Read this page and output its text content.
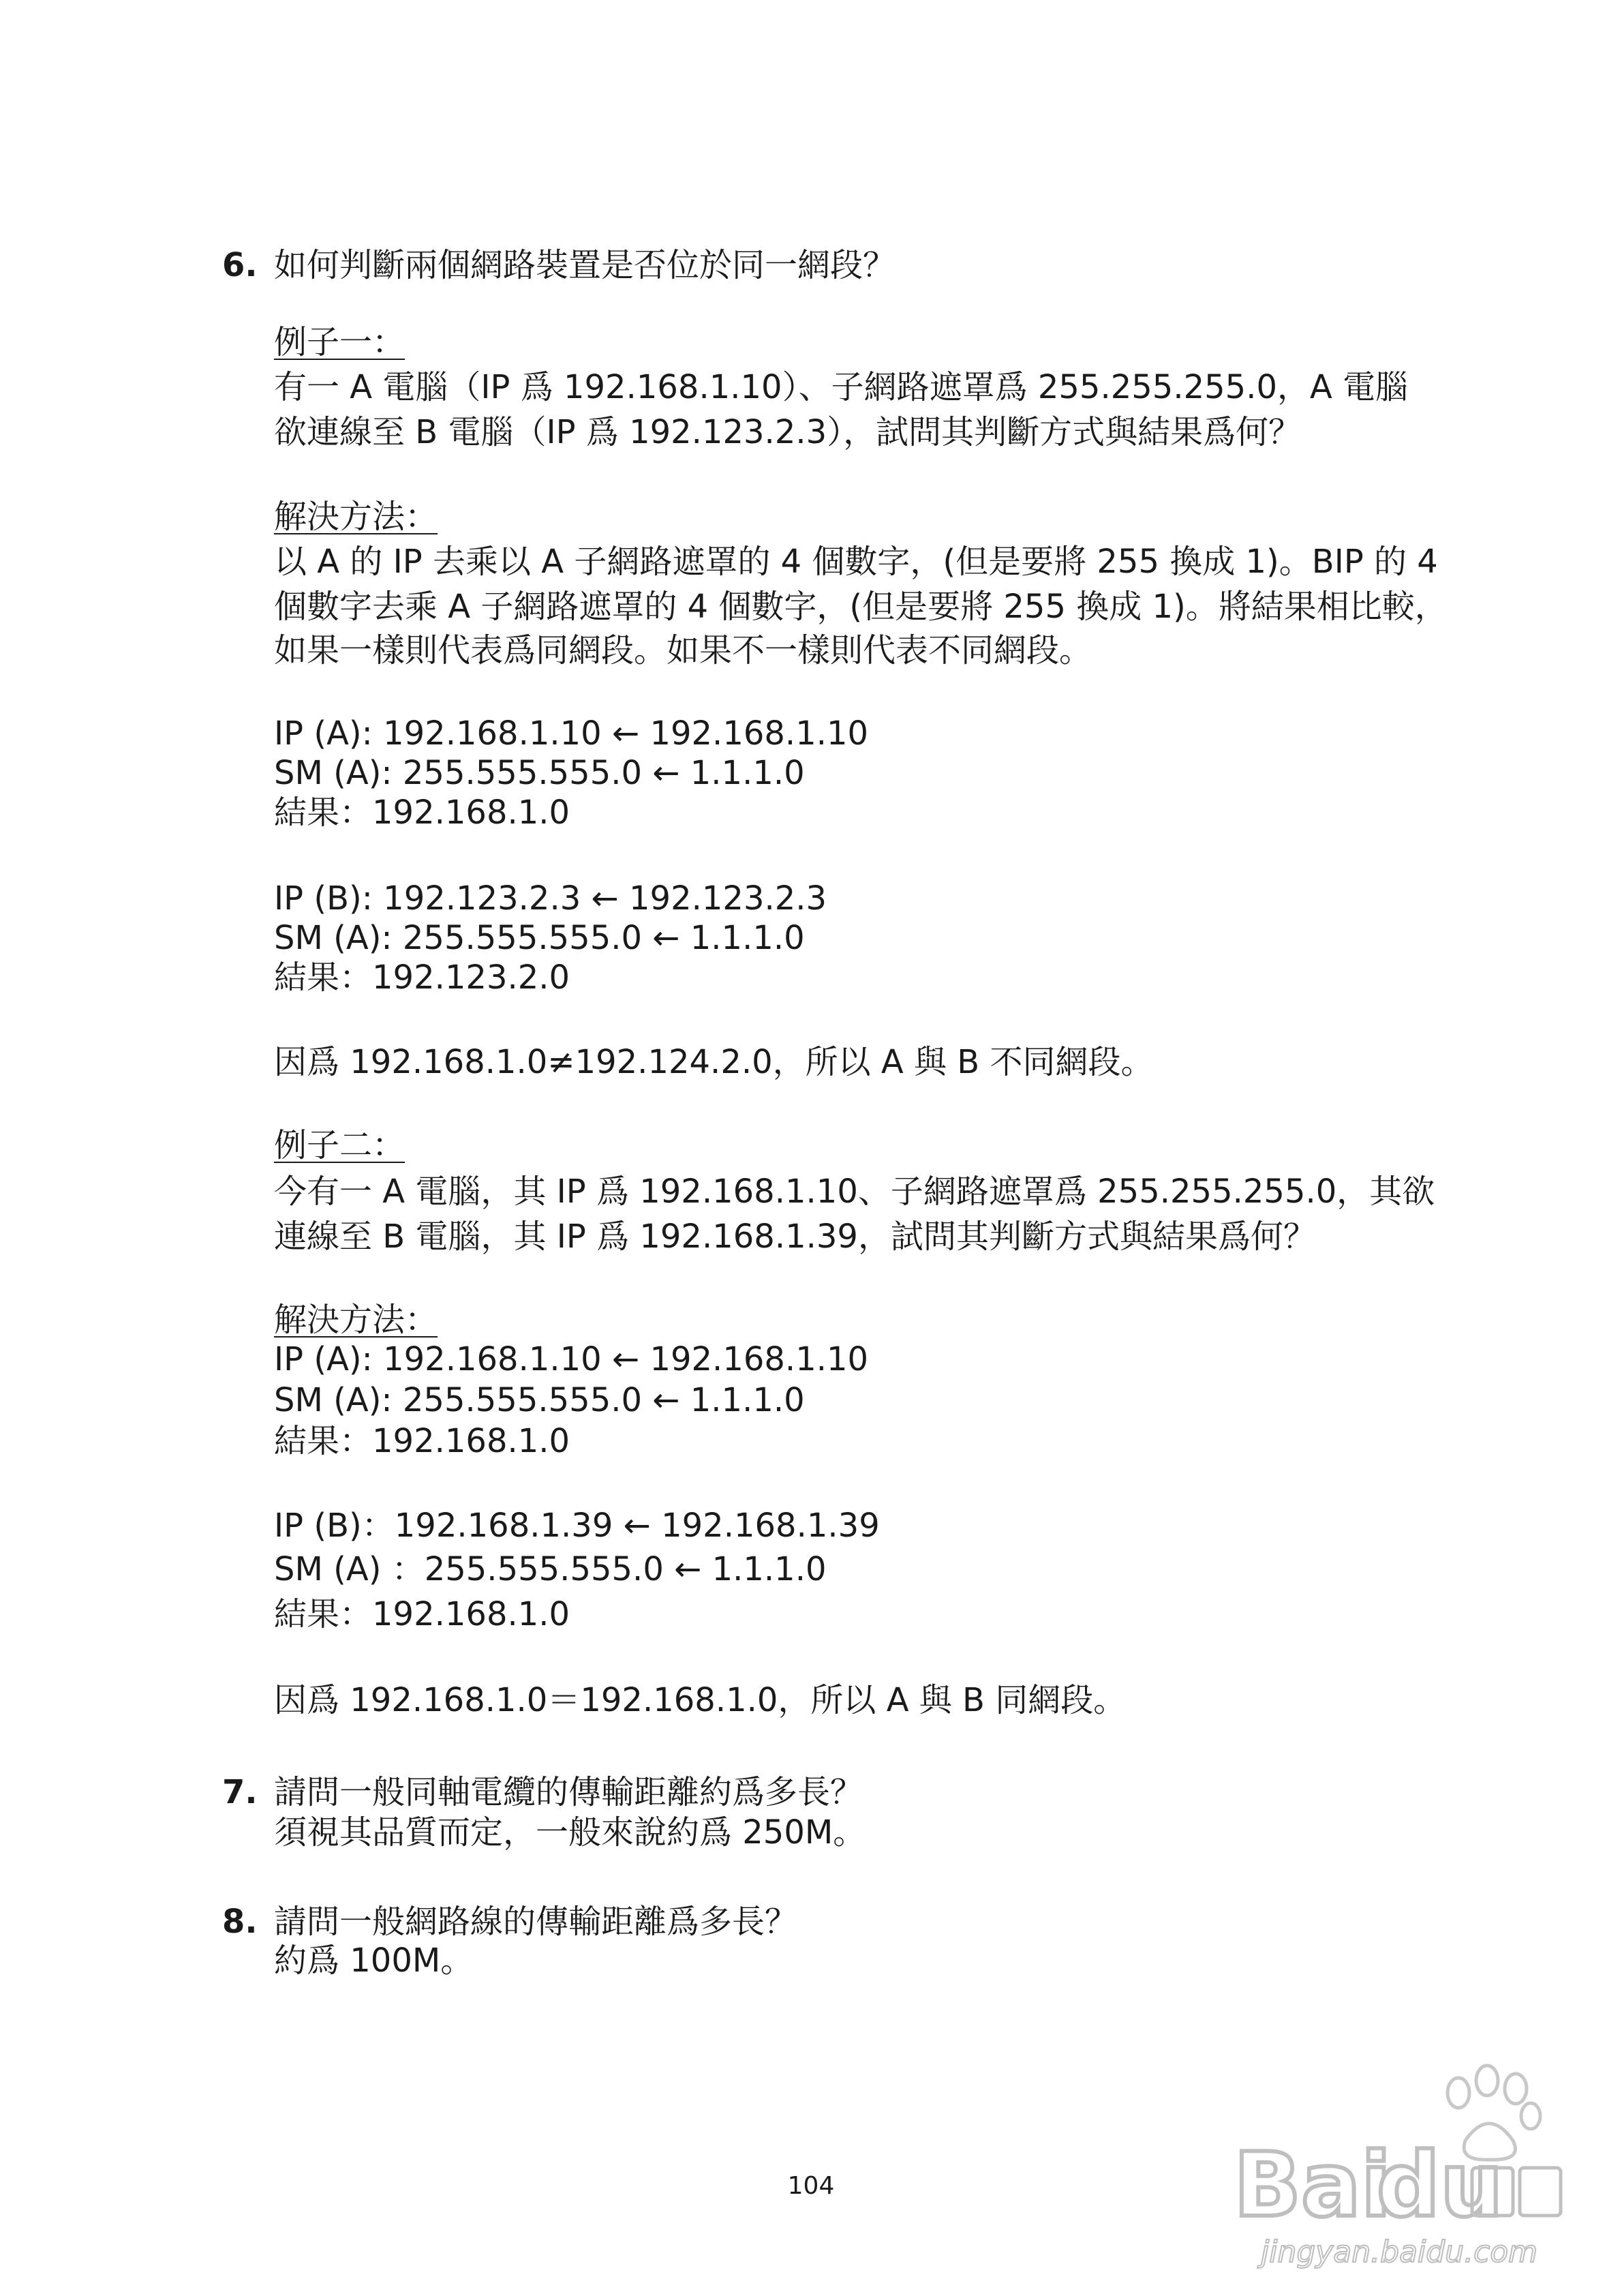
6. 如何判斷兩個網路裝置是否位於同一網段？
例子一：
有一 A 電腦（IP 爲 192.168.1.10）、子網路遮罩爲 255.255.255.0，A 電腦
欲連線至 B 電腦（IP 爲 192.123.2.3），試問其判斷方式與結果爲何？
解決方法：
以 A 的 IP 去乘以 A 子網路遮罩的 4 個數字，(但是要將 255 換成 1)。BIP 的 4
個數字去乘 A 子網路遮罩的 4 個數字，(但是要將 255 換成 1)。將結果相比較，
如果一樣則代表爲同網段。如果不一樣則代表不同網段。
IP (A): 192.168.1.10 ← 192.168.1.10
SM (A): 255.555.555.0 ← 1.1.1.0
結果：192.168.1.0
IP (B): 192.123.2.3 ← 192.123.2.3
SM (A): 255.555.555.0 ← 1.1.1.0
結果：192.123.2.0
因爲 192.168.1.0≠192.124.2.0，所以 A 與 B 不同網段。
例子二：
今有一 A 電腦，其 IP 爲 192.168.1.10、子網路遮罩爲 255.255.255.0，其欲
連線至 B 電腦，其 IP 爲 192.168.1.39，試問其判斷方式與結果爲何？
解決方法：
IP (A): 192.168.1.10 ← 192.168.1.10
SM (A): 255.555.555.0 ← 1.1.1.0
結果：192.168.1.0
IP (B)：192.168.1.39 ← 192.168.1.39
SM (A) ：255.555.555.0 ← 1.1.1.0
結果：192.168.1.0
因爲 192.168.1.0＝192.168.1.0，所以 A 與 B 同網段。
7. 請問一般同軸電纜的傳輸距離約爲多長？
須視其品質而定，一般來說約爲 250M。
8. 請問一般網路線的傳輸距離爲多長？
約爲 100M。
104	Bai
du
jingyan.baidu.com
